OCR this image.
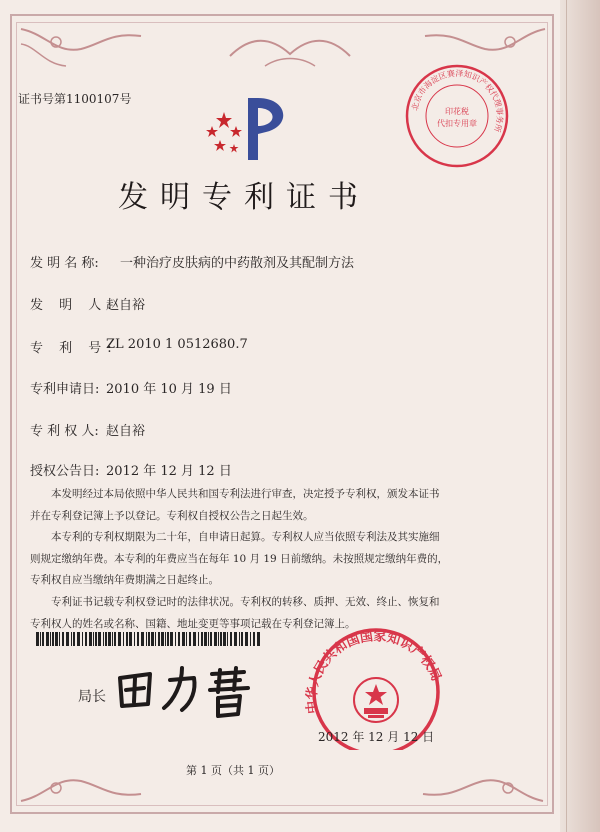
证书号第1100107号
北京市海淀区赛泽知识产权代理事务所
印花税
代扣专用章
发明专利证书
发 明 名 称: 一种治疗皮肤病的中药散剂及其配制方法
发 明 人:
赵自裕
专 利 号:
ZL 2010 1 0512680.7
专利申请日: 2010 年 10 月 19 日
专 利 权 人: 赵自裕
授权公告日: 2012 年 12 月 12 日
本发明经过本局依照中华人民共和国专利法进行审查，决定授予专利权，颁发本证书
并在专利登记簿上予以登记。专利权自授权公告之日起生效。
本专利的专利权期限为二十年，自申请日起算。专利权人应当依照专利法及其实施细
则规定缴纳年费。本专利的年费应当在每年 10 月 19 日前缴纳。未按照规定缴纳年费的，
专利权自应当缴纳年费期满之日起终止。
专利证书记载专利权登记时的法律状况。专利权的转移、质押、无效、终止、恢复和
专利权人的姓名或名称、国籍、地址变更等事项记载在专利登记簿上。
局长
中华人民共和国国家知识产权局
2012 年 12 月 12 日
第 1 页（共 1 页）
